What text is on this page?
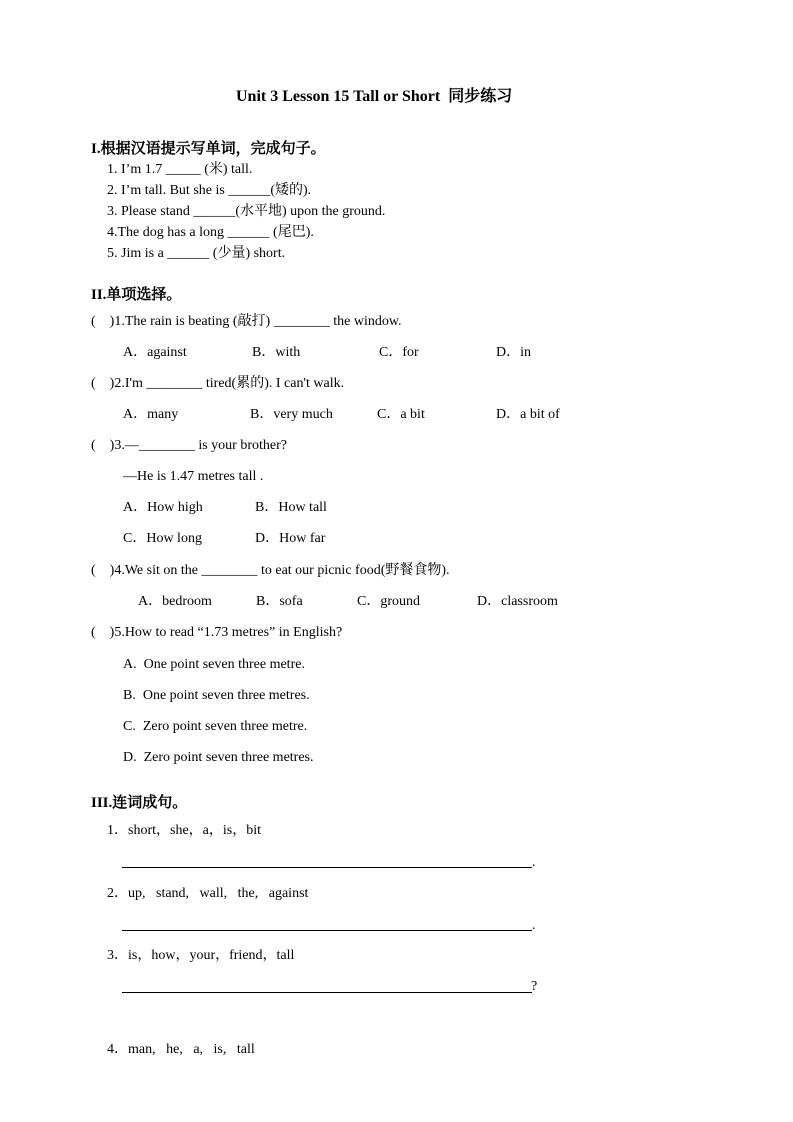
Unit 3 Lesson 15 Tall or Short  同步练习
I.根据汉语提示写单词，完成句子。
1. I’m 1.7 _____ (米) tall.
2. I’m tall. But she is ______(矮的).
3. Please stand ______(水平地) upon the ground.
4.The dog has a long ______ (尾巴).
5. Jim is a ______ (少量) short.
II.单项选择。
(    )1.The rain is beating (敲打) ________ the window.
A．against	B．with	C．for	D．in
(    )2.I'm ________ tired(累的). I can't walk.
A．many	B．very much	C．a bit	D．a bit of
(    )3.—________ is your brother?
—He is 1.47 metres tall .
A．How high	B．How tall
C．How long	D．How far
(    )4.We sit on the ________ to eat our picnic food(野餐食物).
A．bedroom	B．sofa	C．ground	D．classroom
(    )5.How to read “1.73 metres” in English?
A.  One point seven three metre.
B.  One point seven three metres.
C.  Zero point seven three metre.
D.  Zero point seven three metres.
III.连词成句。
1．short，she，a，is，bit
.
2．up,   stand,   wall,   the,   against
.
3．is，how，your，friend，tall
?
4．man,   he,   a,   is,   tall
